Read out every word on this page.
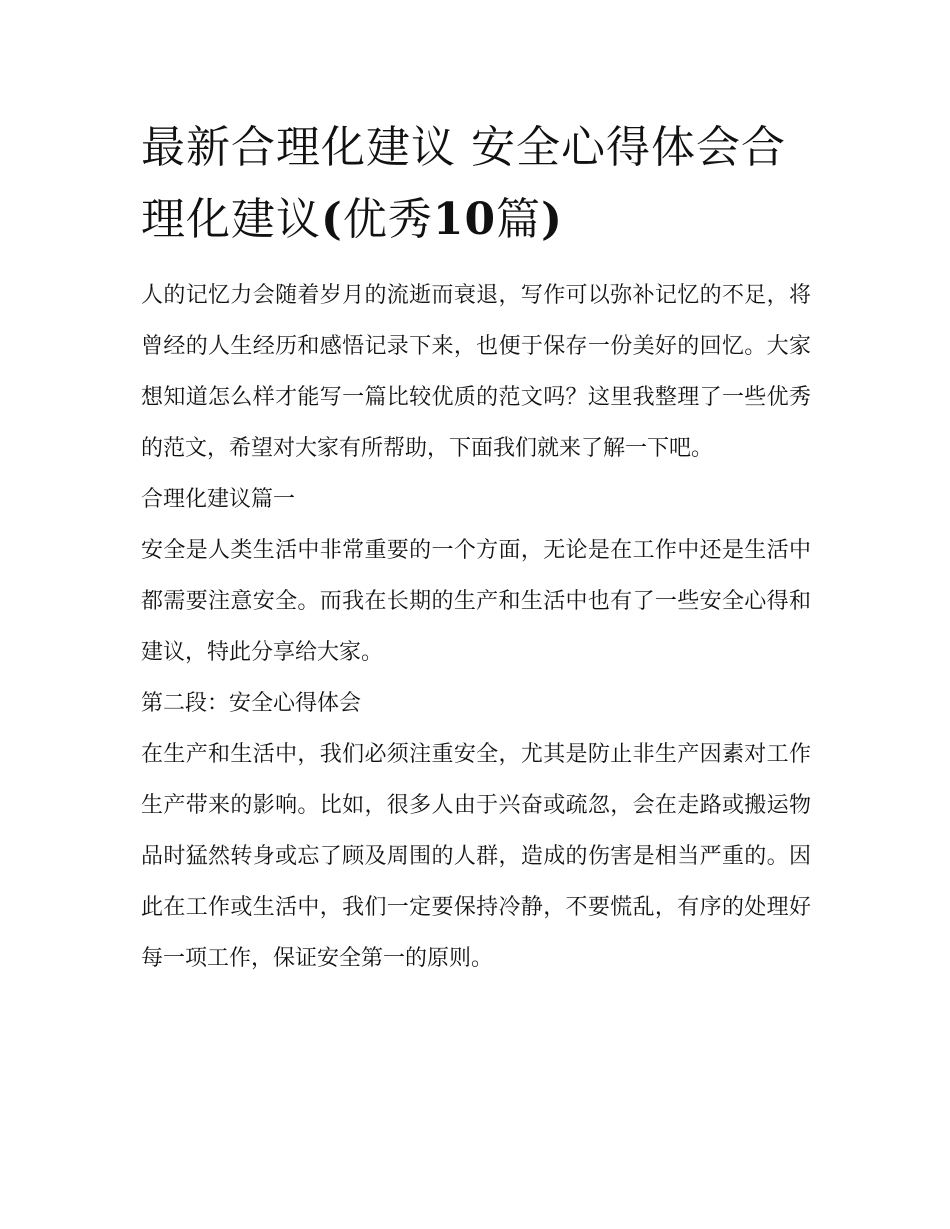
最新合理化建议 安全心得体会合理化建议(优秀10篇)

人的记忆力会随着岁月的流逝而衰退，写作可以弥补记忆的不足，将曾经的人生经历和感悟记录下来，也便于保存一份美好的回忆。大家想知道怎么样才能写一篇比较优质的范文吗？这里我整理了一些优秀的范文，希望对大家有所帮助，下面我们就来了解一下吧。

合理化建议篇一

安全是人类生活中非常重要的一个方面，无论是在工作中还是生活中都需要注意安全。而我在长期的生产和生活中也有了一些安全心得和建议，特此分享给大家。

第二段：安全心得体会

在生产和生活中，我们必须注重安全，尤其是防止非生产因素对工作生产带来的影响。比如，很多人由于兴奋或疏忽，会在走路或搬运物品时猛然转身或忘了顾及周围的人群，造成的伤害是相当严重的。因此在工作或生活中，我们一定要保持冷静，不要慌乱，有序的处理好每一项工作，保证安全第一的原则。
